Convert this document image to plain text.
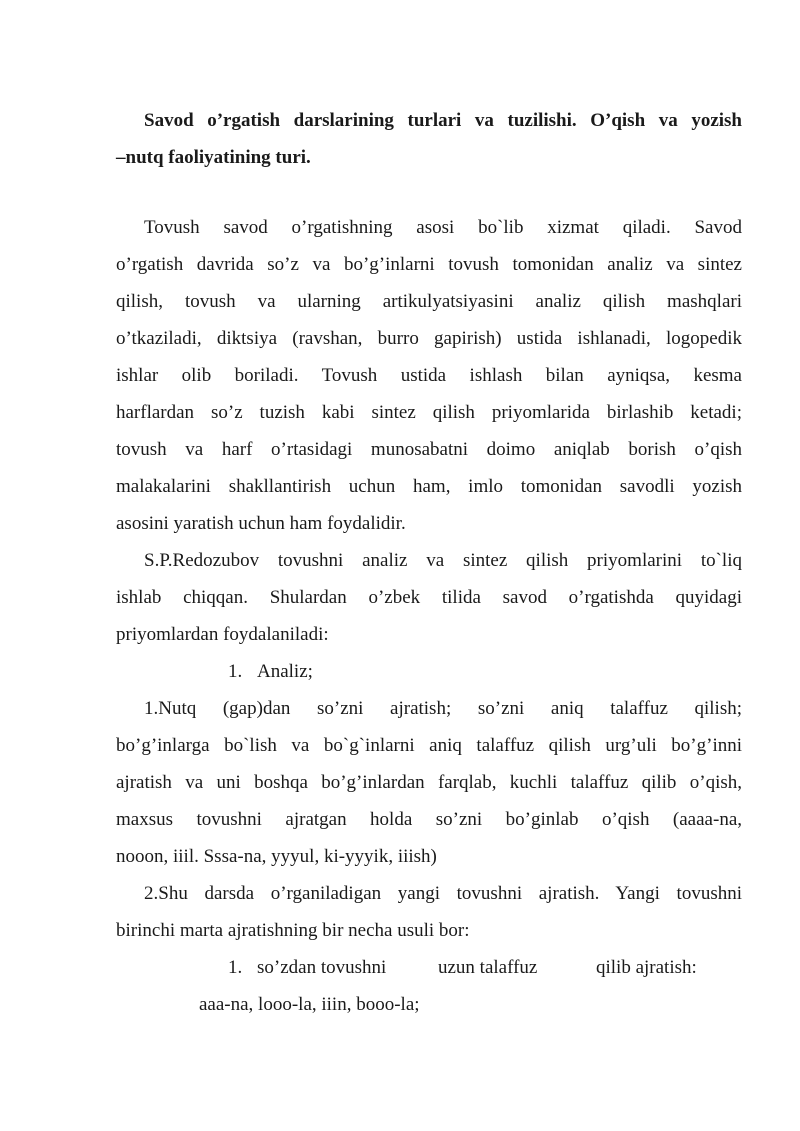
Savod o’rgatish darslarining turlari va tuzilishi. O’qish va yozish
–nutq faoliyatining turi.
Tovush savod o’rgatishning asosi bo`lib xizmat qiladi. Savod
o’rgatish davrida so’z va bo’g’inlarni tovush tomonidan analiz va sintez
qilish, tovush va ularning artikulyatsiyasini analiz qilish mashqlari
o’tkaziladi, diktsiya (ravshan, burro gapirish) ustida ishlanadi, logopedik
ishlar olib boriladi. Tovush ustida ishlash bilan ayniqsa, kesma
harflardan so’z tuzish kabi sintez qilish priyomlarida birlashib ketadi;
tovush va harf o’rtasidagi munosabatni doimo aniqlab borish o’qish
malakalarini shakllantirish uchun ham, imlo tomonidan savodli yozish
asosini yaratish uchun ham foydalidir.
S.P.Redozubov tovushni analiz va sintez qilish priyomlarini to`liq
ishlab chiqqan. Shulardan o’zbek tilida savod o’rgatishda quyidagi
priyomlardan foydalaniladi:
1. Analiz;
1.Nutq (gap)dan so’zni ajratish; so’zni aniq talaffuz qilish;
bo’g’inlarga bo`lish va bo`g`inlarni aniq talaffuz qilish urg’uli bo’g’inni
ajratish va uni boshqa bo’g’inlardan farqlab, kuchli talaffuz qilib o’qish,
maxsus tovushni ajratgan holda so’zni bo’ginlab o’qish (aaaa-na,
nooon, iiil. Sssa-na, yyyul, ki-yyyik, iiish)
2.Shu darsda o’rganiladigan yangi tovushni ajratish. Yangi tovushni
birinchi marta ajratishning bir necha usuli bor:
1. so’zdan tovushni	uzun talaffuz	qilib ajratish:
aaa-na, looo-la, iiin, booo-la;
